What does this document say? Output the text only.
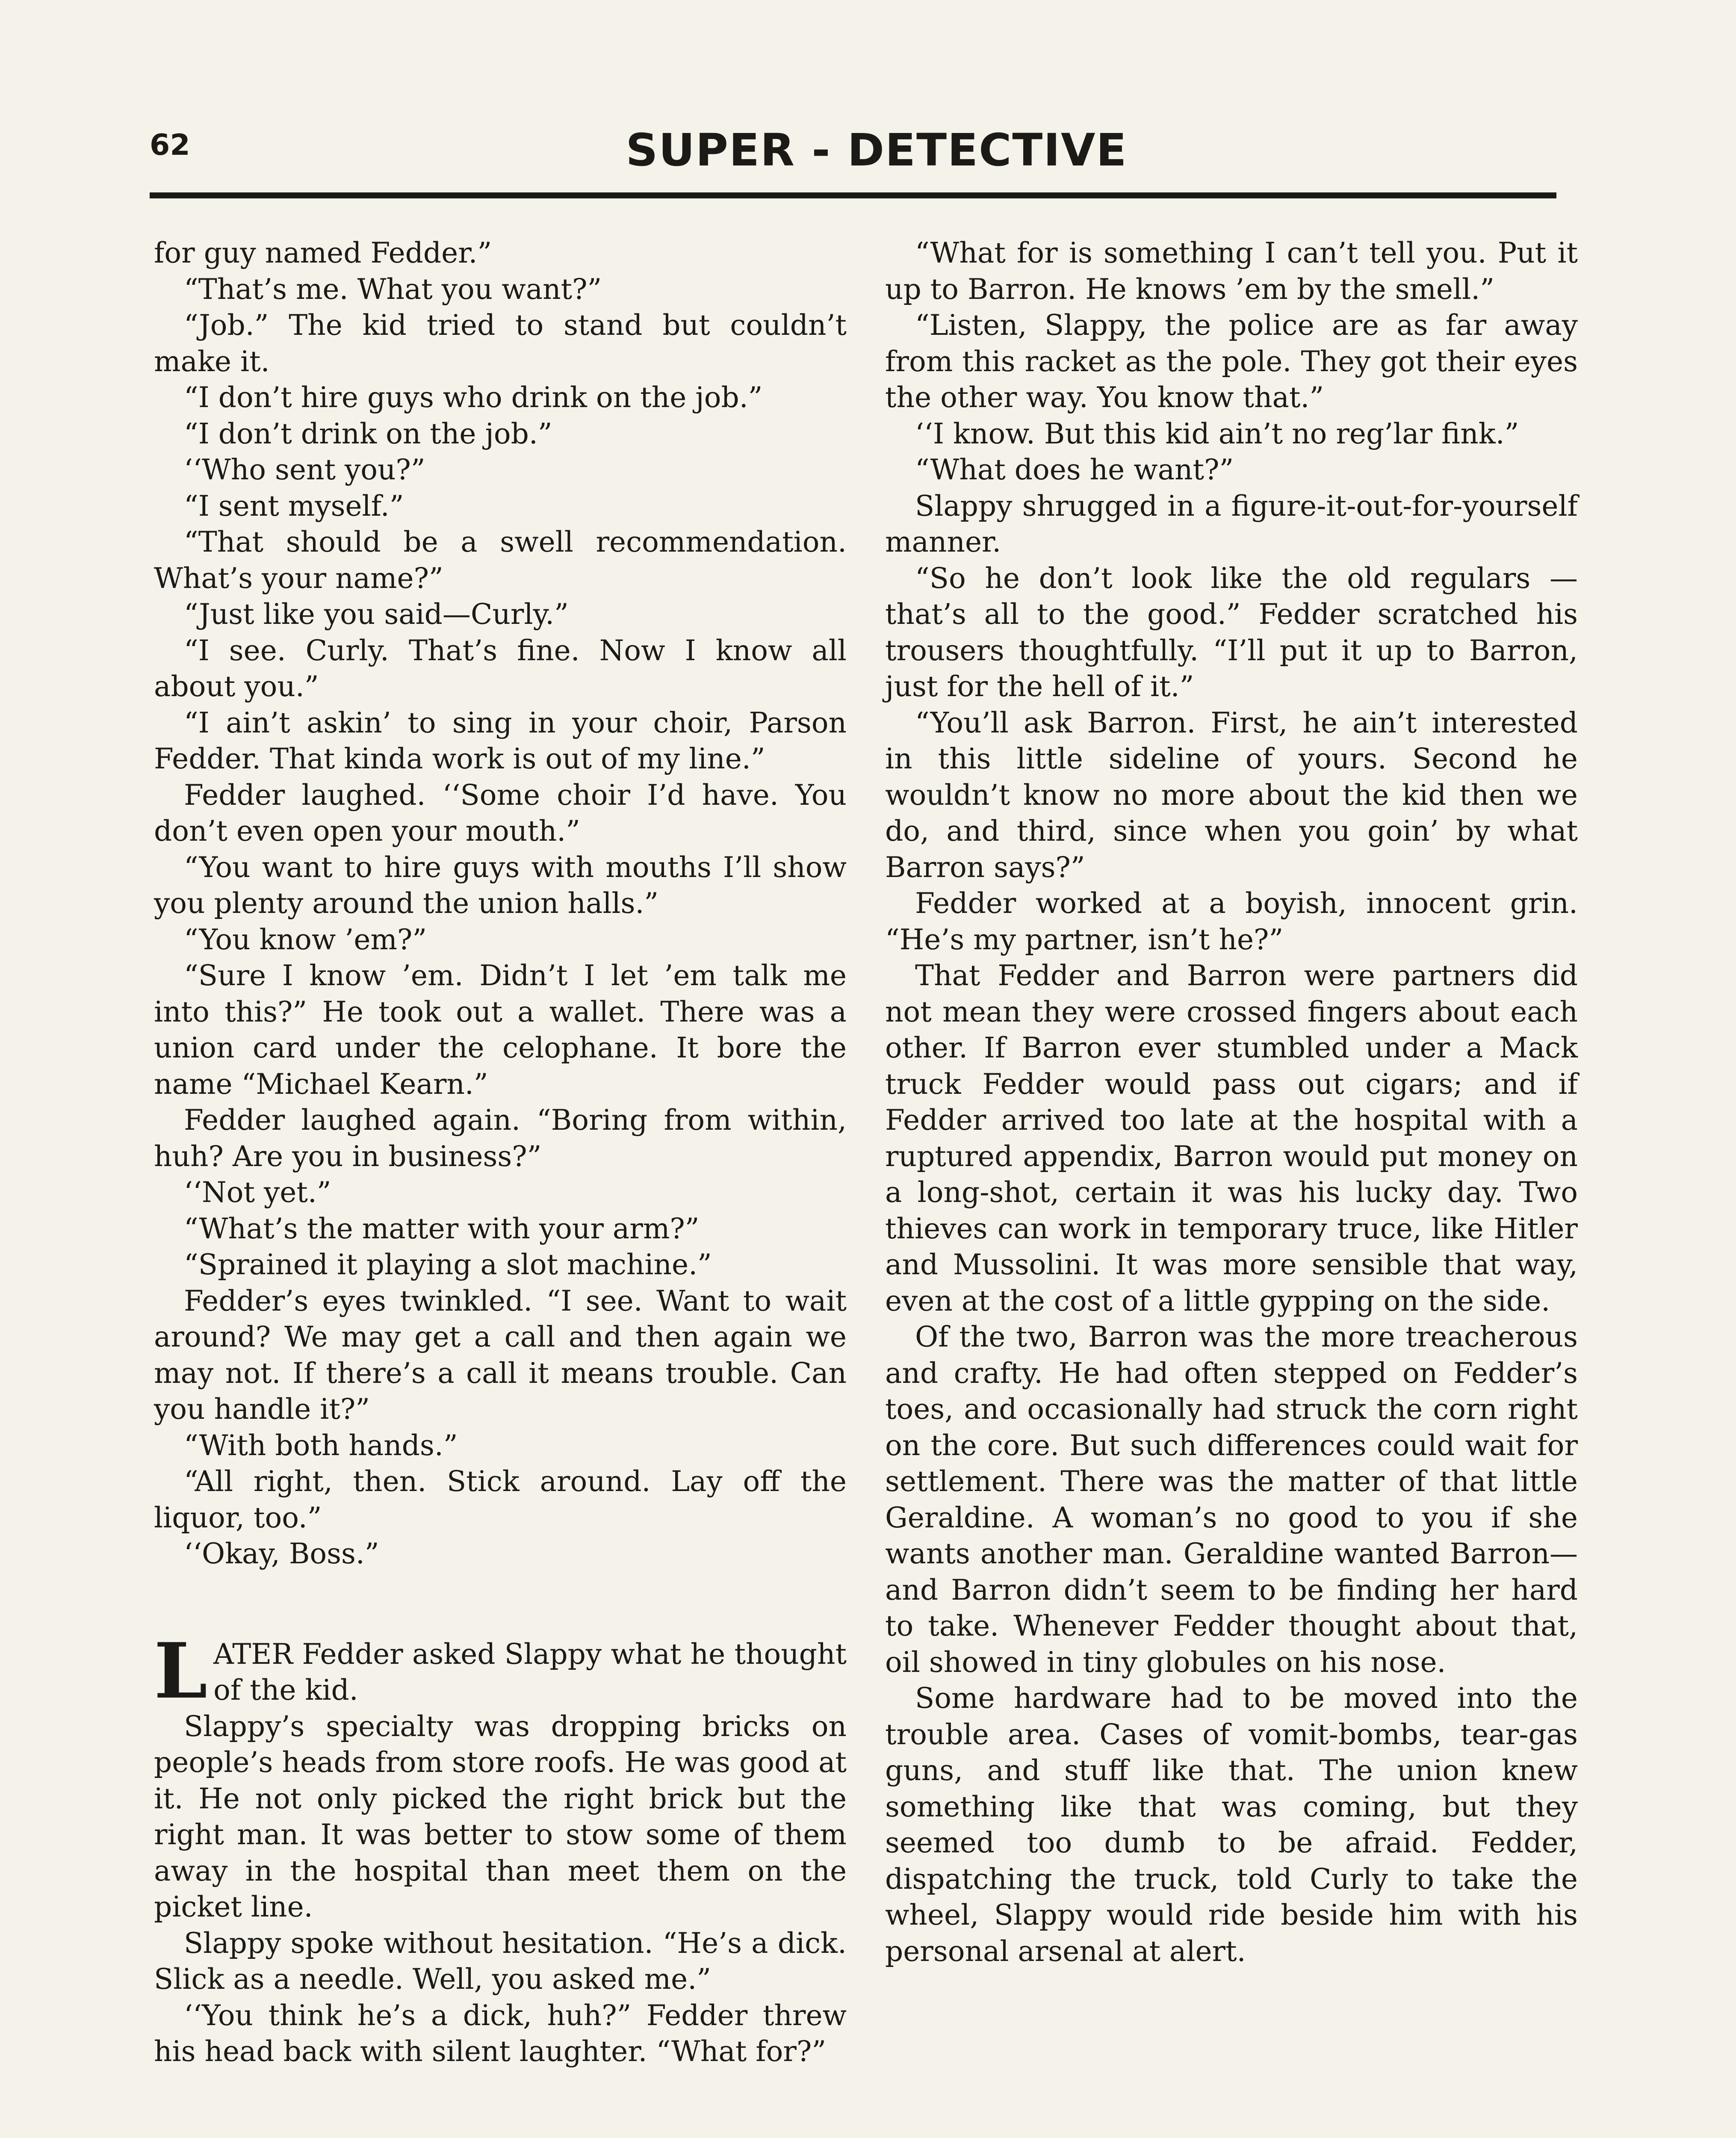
62	SUPER - DETECTIVE

for guy named Fedder.”

“That’s me. What you want?”

“Job.” The kid tried to stand but couldn’t make it.

“I don’t hire guys who drink on the job.”

“I don’t drink on the job.”

‘‘Who sent you?”

“I sent myself.”

“That should be a swell recommendation. What’s your name?”

“Just like you said—Curly.”

“I see. Curly. That’s fine. Now I know all about you.”

“I ain’t askin’ to sing in your choir, Parson Fedder. That kinda work is out of my line.”

Fedder laughed. ‘‘Some choir I’d have. You don’t even open your mouth.”

“You want to hire guys with mouths I’ll show you plenty around the union halls.”

“You know ’em?”

“Sure I know ’em. Didn’t I let ’em talk me into this?” He took out a wallet. There was a union card under the celophane. It bore the name “Michael Kearn.”

Fedder laughed again. “Boring from within, huh? Are you in business?”

‘‘Not yet.”

“What’s the matter with your arm?”

“Sprained it playing a slot machine.”

Fedder’s eyes twinkled. “I see. Want to wait around? We may get a call and then again we may not. If there’s a call it means trouble. Can you handle it?”

“With both hands.”

“All right, then. Stick around. Lay off the liquor, too.”

‘‘Okay, Boss.”

LATER Fedder asked Slappy what he thought of the kid.

Slappy’s specialty was dropping bricks on people’s heads from store roofs. He was good at it. He not only picked the right brick but the right man. It was better to stow some of them away in the hospital than meet them on the picket line.

Slappy spoke without hesitation. “He’s a dick. Slick as a needle. Well, you asked me.”

‘‘You think he’s a dick, huh?” Fedder threw his head back with silent laughter. “What for?”

“What for is something I can’t tell you. Put it up to Barron. He knows ’em by the smell.”

“Listen, Slappy, the police are as far away from this racket as the pole. They got their eyes the other way. You know that.”

‘‘I know. But this kid ain’t no reg’lar fink.”

“What does he want?”

Slappy shrugged in a figure-it-out-for-yourself manner.

“So he don’t look like the old regulars —that’s all to the good.” Fedder scratched his trousers thoughtfully. “I’ll put it up to Barron, just for the hell of it.”

“You’ll ask Barron. First, he ain’t interested in this little sideline of yours. Second he wouldn’t know no more about the kid then we do, and third, since when you goin’ by what Barron says?”

Fedder worked at a boyish, innocent grin. “He’s my partner, isn’t he?”

That Fedder and Barron were partners did not mean they were crossed fingers about each other. If Barron ever stumbled under a Mack truck Fedder would pass out cigars; and if Fedder arrived too late at the hospital with a ruptured appendix, Barron would put money on a long-shot, certain it was his lucky day. Two thieves can work in temporary truce, like Hitler and Mussolini. It was more sensible that way, even at the cost of a little gypping on the side.

Of the two, Barron was the more treacherous and crafty. He had often stepped on Fedder’s toes, and occasionally had struck the corn right on the core. But such differences could wait for settlement. There was the matter of that little Geraldine. A woman’s no good to you if she wants another man. Geraldine wanted Barron—and Barron didn’t seem to be finding her hard to take. Whenever Fedder thought about that, oil showed in tiny globules on his nose.

Some hardware had to be moved into the trouble area. Cases of vomit-bombs, tear-gas guns, and stuff like that. The union knew something like that was coming, but they seemed too dumb to be afraid. Fedder, dispatching the truck, told Curly to take the wheel, Slappy would ride beside him with his personal arsenal at alert.
